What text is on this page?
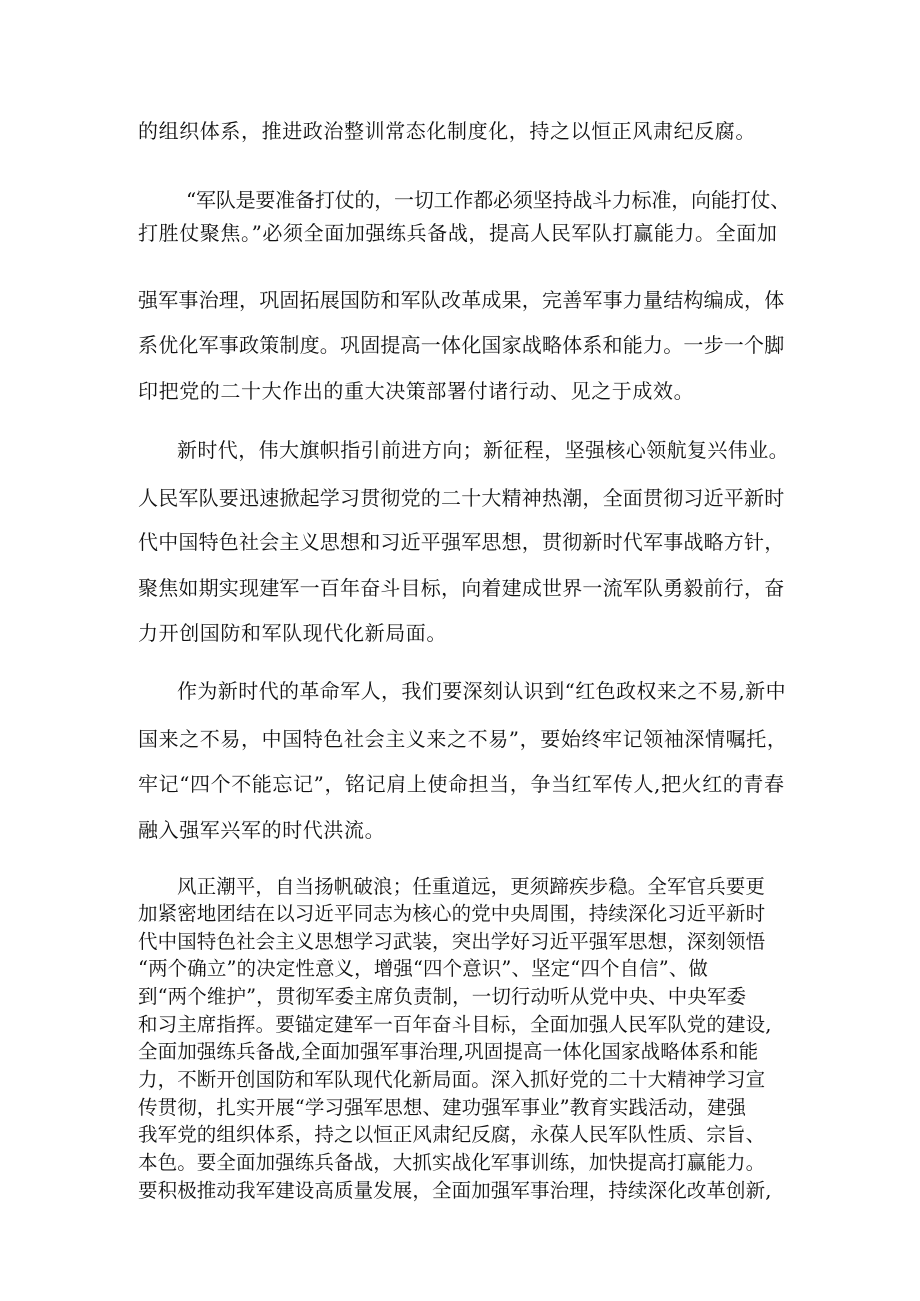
的组织体系，推进政治整训常态化制度化，持之以恒正风肃纪反腐。
“军队是要准备打仗的，一切工作都必须坚持战斗力标准，向能打仗、
打胜仗聚焦。”必须全面加强练兵备战，提高人民军队打赢能力。全面加
强军事治理，巩固拓展国防和军队改革成果，完善军事力量结构编成，体
系优化军事政策制度。巩固提高一体化国家战略体系和能力。一步一个脚
印把党的二十大作出的重大决策部署付诸行动、见之于成效。
新时代，伟大旗帜指引前进方向；新征程，坚强核心领航复兴伟业。
人民军队要迅速掀起学习贯彻党的二十大精神热潮，全面贯彻习近平新时
代中国特色社会主义思想和习近平强军思想，贯彻新时代军事战略方针，
聚焦如期实现建军一百年奋斗目标，向着建成世界一流军队勇毅前行，奋
力开创国防和军队现代化新局面。
作为新时代的革命军人，我们要深刻认识到“红色政权来之不易,新中
国来之不易，中国特色社会主义来之不易”，要始终牢记领袖深情嘱托，
牢记“四个不能忘记”，铭记肩上使命担当，争当红军传人,把火红的青春
融入强军兴军的时代洪流。
风正潮平，自当扬帆破浪；任重道远，更须蹄疾步稳。全军官兵要更
加紧密地团结在以习近平同志为核心的党中央周围，持续深化习近平新时
代中国特色社会主义思想学习武装，突出学好习近平强军思想，深刻领悟
“两个确立”的决定性意义，增强“四个意识”、坚定“四个自信”、做
到“两个维护”，贯彻军委主席负责制，一切行动听从党中央、中央军委
和习主席指挥。要锚定建军一百年奋斗目标，全面加强人民军队党的建设,
全面加强练兵备战,全面加强军事治理,巩固提高一体化国家战略体系和能
力，不断开创国防和军队现代化新局面。深入抓好党的二十大精神学习宣
传贯彻，扎实开展“学习强军思想、建功强军事业”教育实践活动，建强
我军党的组织体系，持之以恒正风肃纪反腐，永葆人民军队性质、宗旨、
本色。要全面加强练兵备战，大抓实战化军事训练，加快提高打赢能力。
要积极推动我军建设高质量发展，全面加强军事治理，持续深化改革创新,
